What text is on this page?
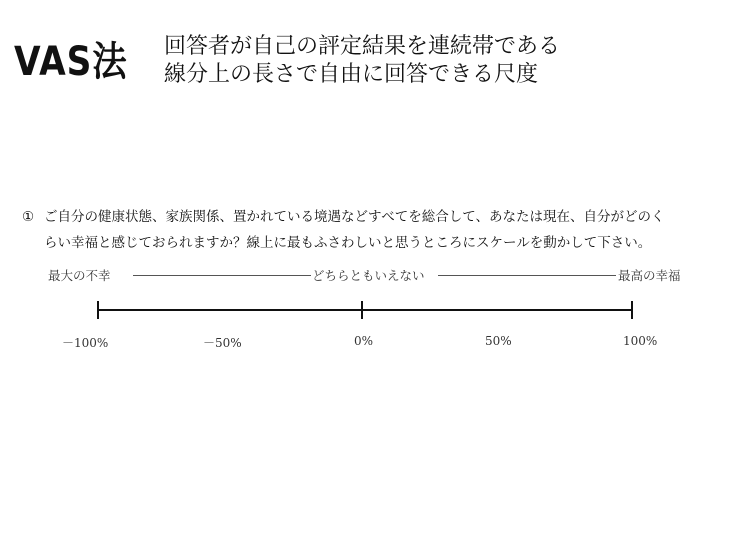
VAS法 回答者が自己の評定結果を連続帯である
線分上の長さで自由に回答できる尺度
① ご自分の健康状態、家族関係、置かれている境遇などすべてを総合して、あなたは現在、自分がどのく
らい幸福と感じておられますか？線上に最もふさわしいと思うところにスケールを動かして下さい。
最大の不幸	どちらともいえない	最高の幸福
－100%	－50%	0%	50%	100%
